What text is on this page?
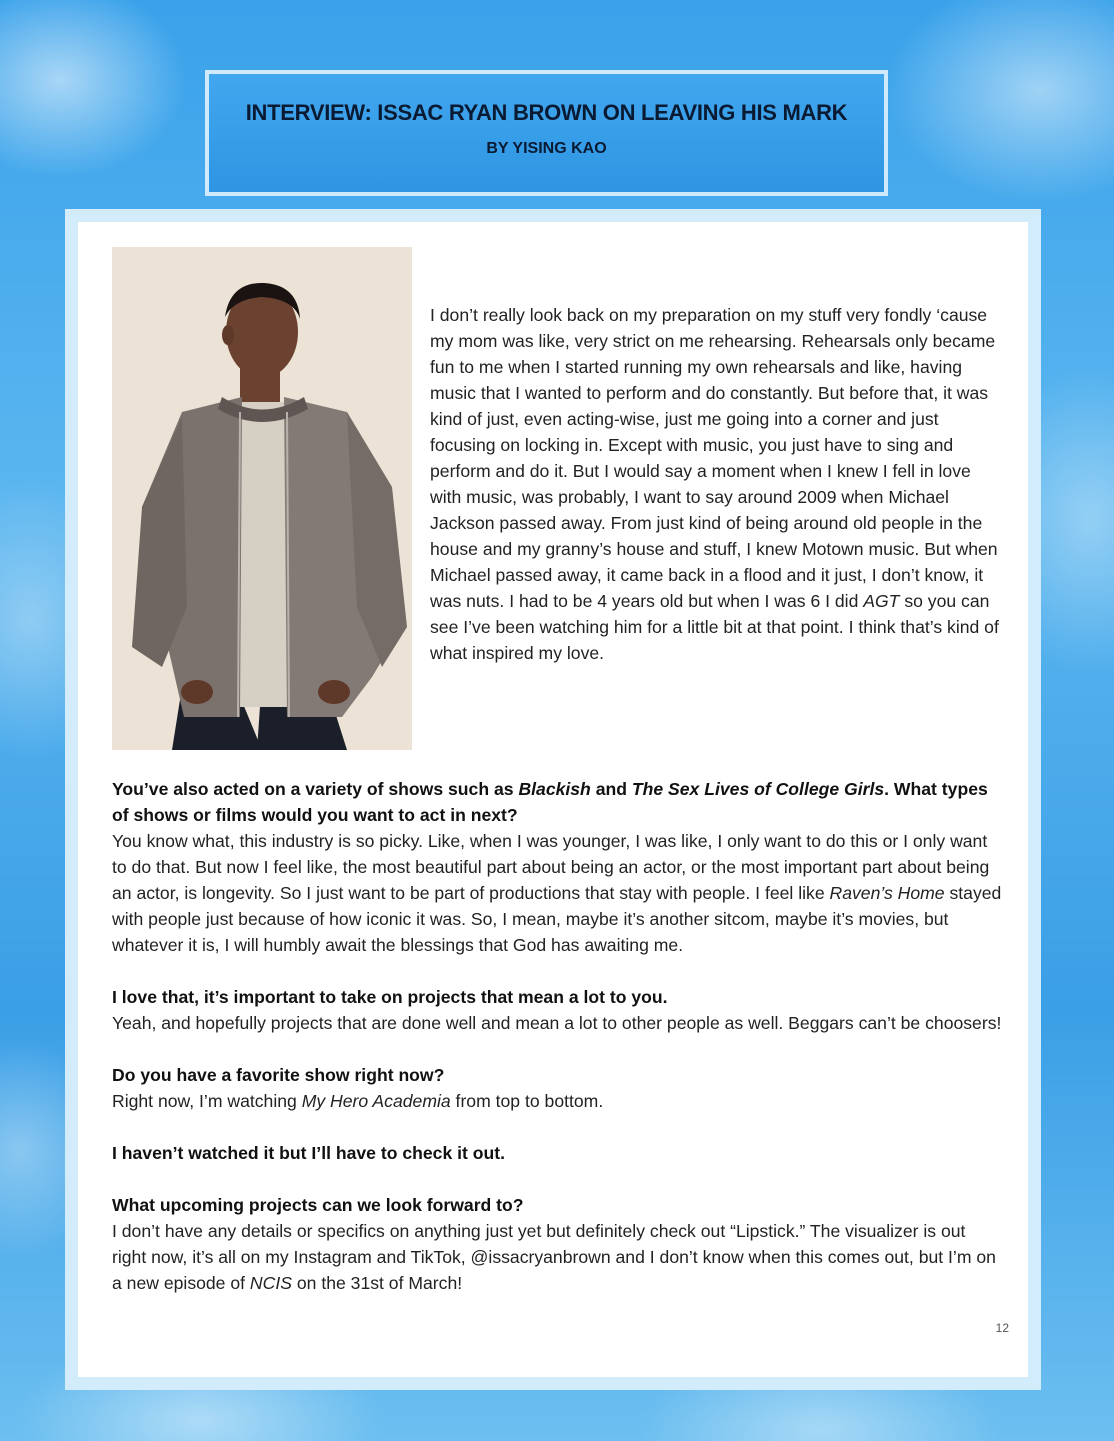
INTERVIEW: ISSAC RYAN BROWN ON LEAVING HIS MARK
BY YISING KAO
I don’t really look back on my preparation on my stuff very fondly ‘cause my mom was like, very strict on me rehearsing. Rehearsals only became fun to me when I started running my own rehearsals and like, having music that I wanted to perform and do constantly. But before that, it was kind of just, even acting-wise, just me going into a corner and just focusing on locking in. Except with music, you just have to sing and perform and do it. But I would say a moment when I knew I fell in love with music, was probably, I want to say around 2009 when Michael Jackson passed away. From just kind of being around old people in the house and my granny’s house and stuff, I knew Motown music. But when Michael passed away, it came back in a flood and it just, I don’t know, it was nuts. I had to be 4 years old but when I was 6 I did AGT so you can see I’ve been watching him for a little bit at that point. I think that’s kind of what inspired my love.

You’ve also acted on a variety of shows such as Blackish and The Sex Lives of College Girls. What types of shows or films would you want to act in next?

You know what, this industry is so picky. Like, when I was younger, I was like, I only want to do this or I only want to do that. But now I feel like, the most beautiful part about being an actor, or the most important part about being an actor, is longevity. So I just want to be part of productions that stay with people. I feel like Raven’s Home stayed with people just because of how iconic it was. So, I mean, maybe it’s another sitcom, maybe it’s movies, but whatever it is, I will humbly await the blessings that God has awaiting me.

I love that, it’s important to take on projects that mean a lot to you.

Yeah, and hopefully projects that are done well and mean a lot to other people as well. Beggars can’t be choosers!

Do you have a favorite show right now?

Right now, I’m watching My Hero Academia from top to bottom.

I haven’t watched it but I’ll have to check it out.

What upcoming projects can we look forward to?

I don’t have any details or specifics on anything just yet but definitely check out “Lipstick.” The visualizer is out right now, it’s all on my Instagram and TikTok, @issacryanbrown and I don’t know when this comes out, but I’m on a new episode of NCIS on the 31st of March!

12
